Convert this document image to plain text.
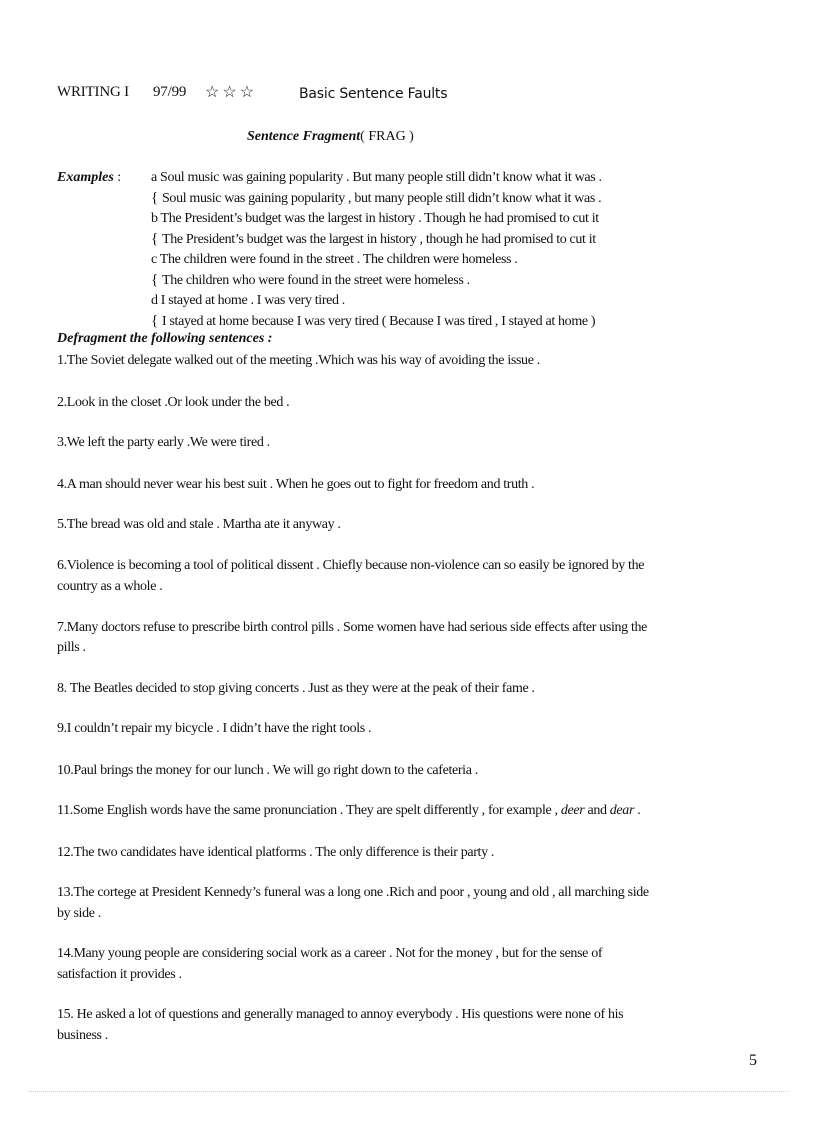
WRITING I 97/99 ☆☆☆	Basic Sentence Faults
Sentence Fragment( FRAG )
Examples : a Soul music was gaining popularity . But many people still didn’t know what it was .
{ Soul music was gaining popularity , but many people still didn’t know what it was .
b The President’s budget was the largest in history . Though he had promised to cut it
{ The President’s budget was the largest in history , though he had promised to cut it
c The children were found in the street . The children were homeless .
{ The children who were found in the street were homeless .
d I stayed at home . I was very tired .
{ I stayed at home because I was very tired ( Because I was tired , I stayed at home )
Defragment the following sentences :
1.The Soviet delegate walked out of the meeting .Which was his way of avoiding the issue .
2.Look in the closet .Or look under the bed .
3.We left the party early .We were tired .
4.A man should never wear his best suit . When he goes out to fight for freedom and truth .
5.The bread was old and stale . Martha ate it anyway .
6.Violence is becoming a tool of political dissent . Chiefly because non-violence can so easily be ignored by the
country as a whole .
7.Many doctors refuse to prescribe birth control pills . Some women have had serious side effects after using the
pills .
8. The Beatles decided to stop giving concerts . Just as they were at the peak of their fame .
9.I couldn’t repair my bicycle . I didn’t have the right tools .
10.Paul brings the money for our lunch . We will go right down to the cafeteria .
11.Some English words have the same pronunciation . They are spelt differently , for example , deer and dear .
12.The two candidates have identical platforms . The only difference is their party .
13.The cortege at President Kennedy’s funeral was a long one .Rich and poor , young and old , all marching side
by side .
14.Many young people are considering social work as a career . Not for the money , but for the sense of
satisfaction it provides .
15. He asked a lot of questions and generally managed to annoy everybody . His questions were none of his
business .
5
